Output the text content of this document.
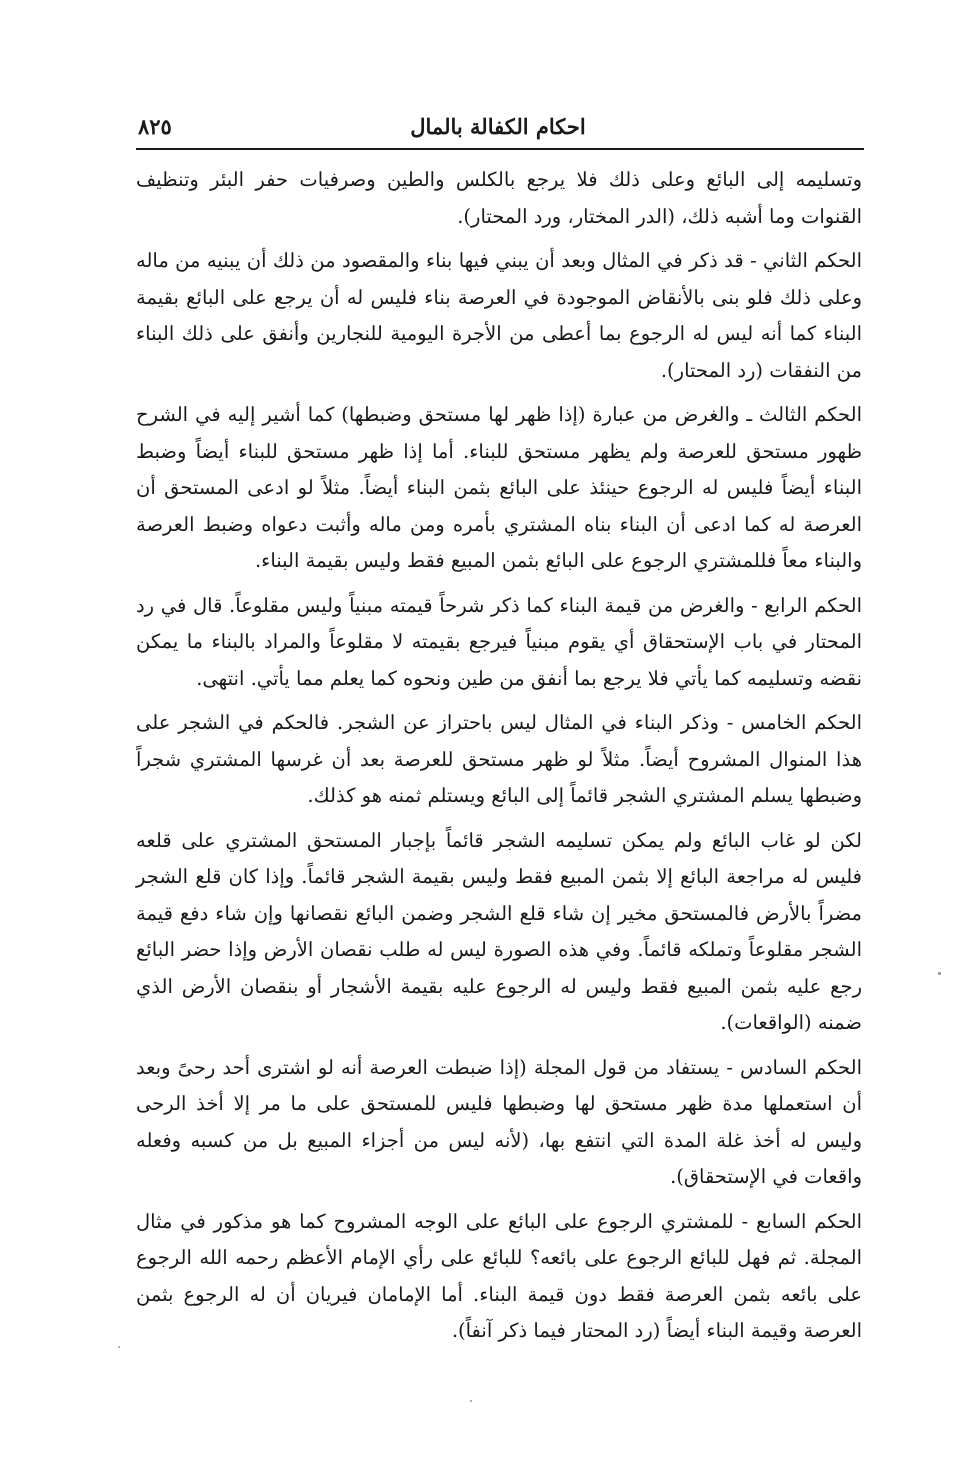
احكام الكفالة بالمال
٨٢٥

وتسليمه إلى البائع وعلى ذلك فلا يرجع بالكلس والطين وصرفيات حفر البئر وتنظيف القنوات وما أشبه ذلك، (الدر المختار، ورد المحتار).

الحكم الثاني - قد ذكر في المثال وبعد أن يبني فيها بناء والمقصود من ذلك أن يبنيه من ماله وعلى ذلك فلو بنى بالأنقاض الموجودة في العرصة بناء فليس له أن يرجع على البائع بقيمة البناء كما أنه ليس له الرجوع بما أعطى من الأجرة اليومية للنجارين وأنفق على ذلك البناء من النفقات (رد المحتار).

الحكم الثالث ـ والغرض من عبارة (إذا ظهر لها مستحق وضبطها) كما أشير إليه في الشرح ظهور مستحق للعرصة ولم يظهر مستحق للبناء. أما إذا ظهر مستحق للبناء أيضاً وضبط البناء أيضاً فليس له الرجوع حينئذ على البائع بثمن البناء أيضاً. مثلاً لو ادعى المستحق أن العرصة له كما ادعى أن البناء بناه المشتري بأمره ومن ماله وأثبت دعواه وضبط العرصة والبناء معاً فللمشتري الرجوع على البائع بثمن المبيع فقط وليس بقيمة البناء.

الحكم الرابع - والغرض من قيمة البناء كما ذكر شرحاً قيمته مبنياً وليس مقلوعاً. قال في رد المحتار في باب الإستحقاق أي يقوم مبنياً فيرجع بقيمته لا مقلوعاً والمراد بالبناء ما يمكن نقضه وتسليمه كما يأتي فلا يرجع بما أنفق من طين ونحوه كما يعلم مما يأتي. انتهى.

الحكم الخامس - وذكر البناء في المثال ليس باحتراز عن الشجر. فالحكم في الشجر على هذا المنوال المشروح أيضاً. مثلاً لو ظهر مستحق للعرصة بعد أن غرسها المشتري شجراً وضبطها يسلم المشتري الشجر قائماً إلى البائع ويستلم ثمنه هو كذلك.

لكن لو غاب البائع ولم يمكن تسليمه الشجر قائماً بإجبار المستحق المشتري على قلعه فليس له مراجعة البائع إلا بثمن المبيع فقط وليس بقيمة الشجر قائماً. وإذا كان قلع الشجر مضراً بالأرض فالمستحق مخير إن شاء قلع الشجر وضمن البائع نقصانها وإن شاء دفع قيمة الشجر مقلوعاً وتملكه قائماً. وفي هذه الصورة ليس له طلب نقصان الأرض وإذا حضر البائع رجع عليه بثمن المبيع فقط وليس له الرجوع عليه بقيمة الأشجار أو بنقصان الأرض الذي ضمنه (الواقعات).

الحكم السادس - يستفاد من قول المجلة (إذا ضبطت العرصة أنه لو اشترى أحد رحىً وبعد أن استعملها مدة ظهر مستحق لها وضبطها فليس للمستحق على ما مر إلا أخذ الرحى وليس له أخذ غلة المدة التي انتفع بها، (لأنه ليس من أجزاء المبيع بل من كسبه وفعله واقعات في الإستحقاق).

الحكم السابع - للمشتري الرجوع على البائع على الوجه المشروح كما هو مذكور في مثال المجلة. ثم فهل للبائع الرجوع على بائعه؟ للبائع على رأي الإمام الأعظم رحمه الله الرجوع على بائعه بثمن العرصة فقط دون قيمة البناء. أما الإمامان فيريان أن له الرجوع بثمن العرصة وقيمة البناء أيضاً (رد المحتار فيما ذكر آنفاً).
